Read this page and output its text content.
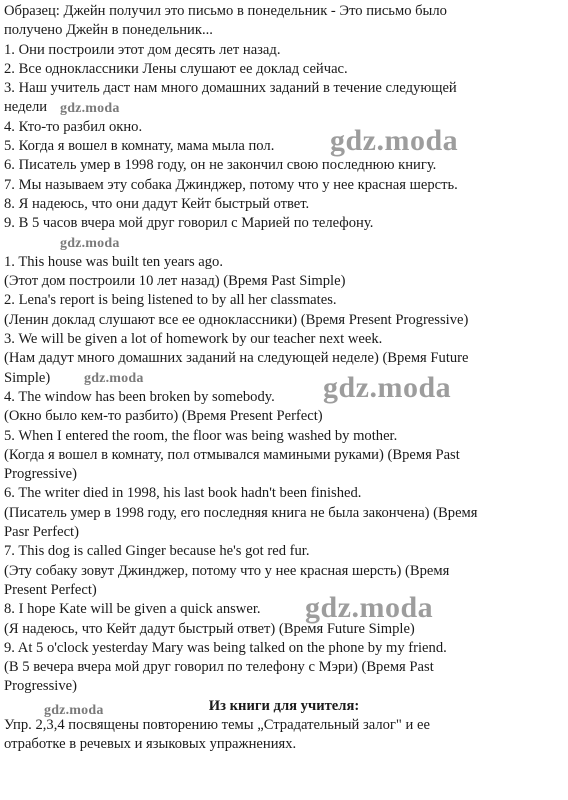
Образец: Джейн получил это письмо в понедельник - Это письмо было
получено Джейн в понедельник...
1. Они построили этот дом десять лет назад.
2. Все одноклассники Лены слушают ее доклад сейчас.
3. Наш учитель даст нам много домашних заданий в течение следующей
недели
4. Кто-то разбил окно.
5. Когда я вошел в комнату, мама мыла пол.
6. Писатель умер в 1998 году, он не закончил свою последнюю книгу.
7. Мы называем эту собака Джинджер, потому что у нее красная шерсть.
8. Я надеюсь, что они дадут Кейт быстрый ответ.
9. В 5 часов вчера мой друг говорил с Марией по телефону.

1. This house was built ten years ago.
(Этот дом построили 10 лет назад) (Время Past Simple)
2. Lena's report is being listened to by all her classmates.
(Ленин доклад слушают все ее одноклассники) (Время Present Progressive)
3. We will be given a lot of homework by our teacher next week.
(Нам дадут много домашних заданий на следующей неделе) (Время Future
Simple)
4. The window has been broken by somebody.
(Окно было кем-то разбито) (Время Present Perfect)
5. When I entered the room, the floor was being washed by mother.
(Когда я вошел в комнату, пол отмывался мамиными руками) (Время Past
Progressive)
6. The writer died in 1998, his last book hadn't been finished.
(Писатель умер в 1998 году, его последняя книга не была закончена) (Время
Pasr Perfect)
7. This dog is called Ginger because he's got red fur.
(Эту собаку зовут Джинджер, потому что у нее красная шерсть) (Время
Present Perfect)
8. I hope Kate will be given a quick answer.
(Я надеюсь, что Кейт дадут быстрый ответ) (Время Future Simple)
9. At 5 o'clock yesterday Mary was being talked on the phone by my friend.
(В 5 вечера вчера мой друг говорил по телефону с Мэри) (Время Past
Progressive)
Из книги для учителя:
Упр. 2,3,4 посвящены повторению темы „Страдательный залог" и ее
отработке в речевых и языковых упражнениях.
gdz.moda
gdz.moda
gdz.moda
gdz.moda	gdz.moda
gdz.moda
gdz.moda
